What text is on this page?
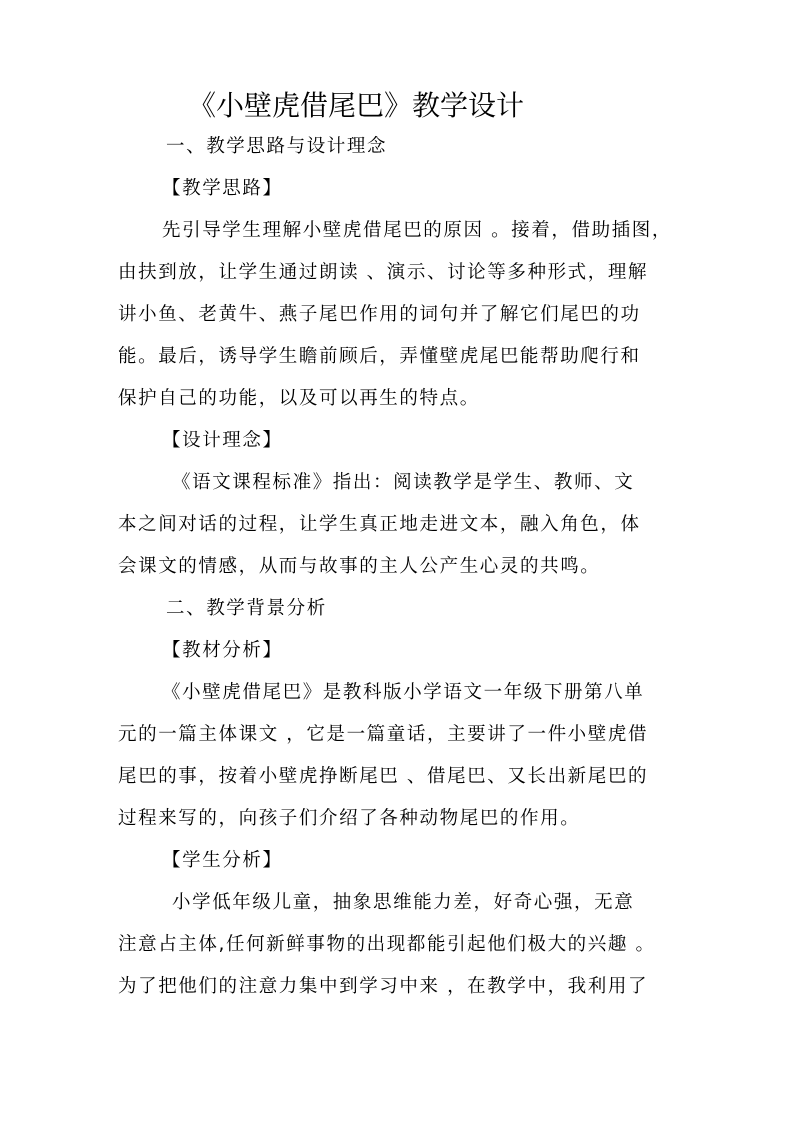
《小壁虎借尾巴》教学设计
一、教学思路与设计理念
【教学思路】
先引导学生理解小壁虎借尾巴的原因 。接着，借助插图，
由扶到放，让学生通过朗读 、演示、讨论等多种形式，理解
讲小鱼、老黄牛、燕子尾巴作用的词句并了解它们尾巴的功
能。最后，诱导学生瞻前顾后，弄懂壁虎尾巴能帮助爬行和
保护自己的功能，以及可以再生的特点。
【设计理念】
《语文课程标准》指出：阅读教学是学生、教师、文
本之间对话的过程，让学生真正地走进文本，融入角色，体
会课文的情感，从而与故事的主人公产生心灵的共鸣。
二、教学背景分析
【教材分析】
《小壁虎借尾巴》是教科版小学语文一年级下册第八单
元的一篇主体课文 ，它是一篇童话，主要讲了一件小壁虎借
尾巴的事，按着小壁虎挣断尾巴 、借尾巴、又长出新尾巴的
过程来写的，向孩子们介绍了各种动物尾巴的作用。
【学生分析】
小学低年级儿童，抽象思维能力差，好奇心强，无意
注意占主体,任何新鲜事物的出现都能引起他们极大的兴趣 。
为了把他们的注意力集中到学习中来 ，在教学中，我利用了
